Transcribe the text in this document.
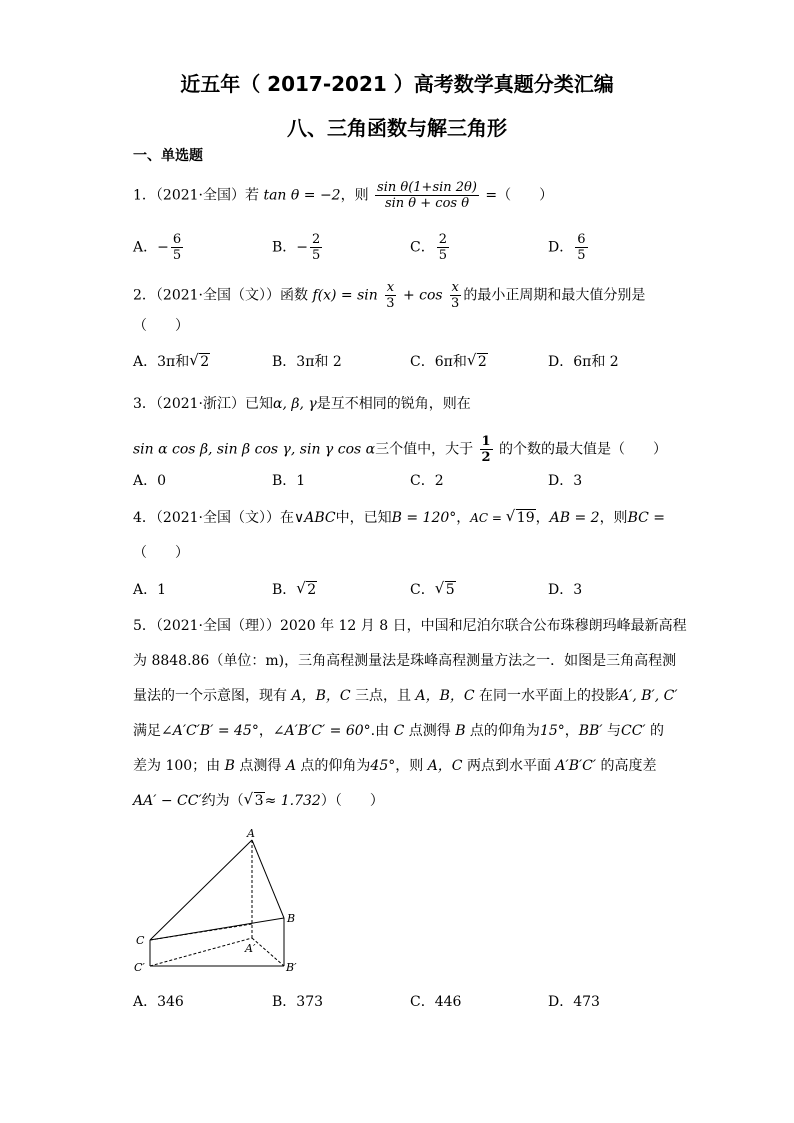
近五年（ 2017-2021 ）高考数学真题分类汇编
八、三角函数与解三角形
一、单选题
1．（2021·全国）若 tan θ = −2，则 $\frac{\text{sin θ(1+sin 2θ)}}{\text{sin θ + cos θ}}$ =（　　）
A．− $\frac{6}{5}$	B．− $\frac{2}{5}$	C． $\frac{2}{5}$	D． $\frac{6}{5}$
2．（2021·全国（文））函数 $f(x) = \sin \frac{x}{3} + \cos \frac{x}{3}$ 的最小正周期和最大值分别是
（　　）
A．3π和 √ 2	B．3π和 2	C．6π和 √ 2	D．6π和 2
3．（2021·浙江）已知α, β, γ是互不相同的锐角，则在
sin α cos β, sin β cos γ, sin γ cos α三个值中，大于 $\frac{1}{2}$ 的个数的最大值是（　　）
A．0	B．1	C．2	D．3
4．（2021·全国（文））在∨ABC中，已知B = 120°，AC = √ 19，AB = 2，则BC =
（　　）
A．1	B． √ 2	C． √ 5	D．3
5．（2021·全国（理））2020 年 12 月 8 日，中国和尼泊尔联合公布珠穆朗玛峰最新高程
为 8848.86（单位：m)，三角高程测量法是珠峰高程测量方法之一．如图是三角高程测
量法的一个示意图，现有 A，B，C 三点，且 A，B，C 在同一水平面上的投影A′, B′, C′
满足∠A′C′B′ = 45°，∠A′B′C′ = 60°.由 C 点测得 B 点的仰角为15°，BB′ 与CC′ 的
差为 100；由 B 点测得 A 点的仰角为45°，则 A，C 两点到水平面 A′B′C′ 的高度差
AA′ − CC′约为（ √ 3≈ 1.732）（　　）
A
B
C
A′
B′
C′
A．346	B．373	C．446	D．473
